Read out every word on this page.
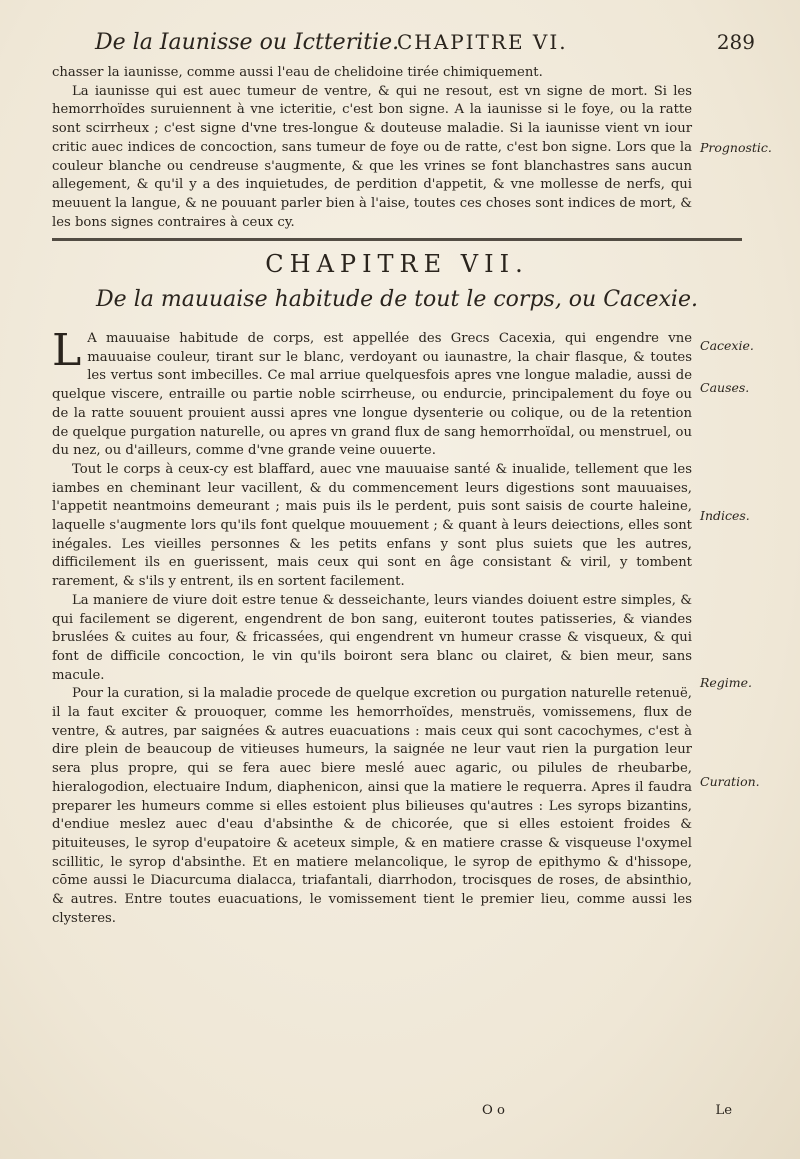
De la Iaunisse ou Ictteritie.
CHAPITRE VI.	289

chasser la iaunisse, comme aussi l'eau de chelidoine tirée chimiquement.

La iaunisse qui est auec tumeur de ventre, & qui ne resout, est vn signe de mort. Si les hemorrhoïdes suruiennent à vne icteritie, c'est bon signe. A la iaunisse si le foye, ou la ratte sont scirrheux ; c'est signe d'vne tres-longue & douteuse maladie. Si la iaunisse vient vn iour critic auec indices de concoction, sans tumeur de foye ou de ratte, c'est bon signe. Lors que la couleur blanche ou cendreuse s'augmente, & que les vrines se font blanchastres sans aucun allegement, & qu'il y a des inquietudes, de perdition d'appetit, & vne mollesse de nerfs, qui meuuent la langue, & ne pouuant parler bien à l'aise, toutes ces choses sont indices de mort, & les bons signes contraires à ceux cy.

Prognostic.
CHAPITRE VII.
De la mauuaise habitude de tout le corps, ou Cacexie.

L A mauuaise habitude de corps, est appellée des Grecs Cacexia, qui engendre vne mauuaise couleur, tirant sur le blanc, verdoyant ou iaunastre, la chair flasque, & toutes les vertus sont imbecilles. Ce mal arriue quelquesfois apres vne longue maladie, aussi de quelque viscere, entraille ou partie noble scirrheuse, ou endurcie, principalement du foye ou de la ratte souuent prouient aussi apres vne longue dysenterie ou colique, ou de la retention de quelque purgation naturelle, ou apres vn grand flux de sang hemorrhoïdal, ou menstruel, ou du nez, ou d'ailleurs, comme d'vne grande veine ouuerte.

Tout le corps à ceux-cy est blaffard, auec vne mauuaise santé & inualide, tellement que les iambes en cheminant leur vacillent, & du commencement leurs digestions sont mauuaises, l'appetit neantmoins demeurant ; mais puis ils le perdent, puis sont saisis de courte haleine, laquelle s'augmente lors qu'ils font quelque mouuement ; & quant à leurs deiections, elles sont inégales. Les vieilles personnes & les petits enfans y sont plus suiets que les autres, difficilement ils en guerissent, mais ceux qui sont en âge consistant & viril, y tombent rarement, & s'ils y entrent, ils en sortent facilement.

La maniere de viure doit estre tenue & desseichante, leurs viandes doiuent estre simples, & qui facilement se digerent, engendrent de bon sang, euiteront toutes patisseries, & viandes bruslées & cuites au four, & fricassées, qui engendrent vn humeur crasse & visqueux, & qui font de difficile concoction, le vin qu'ils boiront sera blanc ou clairet, & bien meur, sans macule.

Pour la curation, si la maladie procede de quelque excretion ou purgation naturelle retenuë, il la faut exciter & prouoquer, comme les hemorrhoïdes, menstruës, vomissemens, flux de ventre, & autres, par saignées & autres euacuations : mais ceux qui sont cacochymes, c'est à dire plein de beaucoup de vitieuses humeurs, la saignée ne leur vaut rien la purgation leur sera plus propre, qui se fera auec biere meslé auec agaric, ou pilules de rheubarbe, hieralogodion, electuaire Indum, diaphenicon, ainsi que la matiere le requerra. Apres il faudra preparer les humeurs comme si elles estoient plus bilieuses qu'autres : Les syrops bizantins, d'endiue meslez auec d'eau d'absinthe & de chicorée, que si elles estoient froides & pituiteuses, le syrop d'eupatoire & aceteux simple, & en matiere crasse & visqueuse l'oxymel scillitic, le syrop d'absinthe. Et en matiere melancolique, le syrop de epithymo & d'hissope, cōme aussi le Diacurcuma dialacca, triafantali, diarrhodon, trocisques de roses, de absinthio, & autres. Entre toutes euacuations, le vomissement tient le premier lieu, comme aussi les clysteres.

Cacexie.
Causes.
Indices.
Regime.
Curation.
O o	Le
